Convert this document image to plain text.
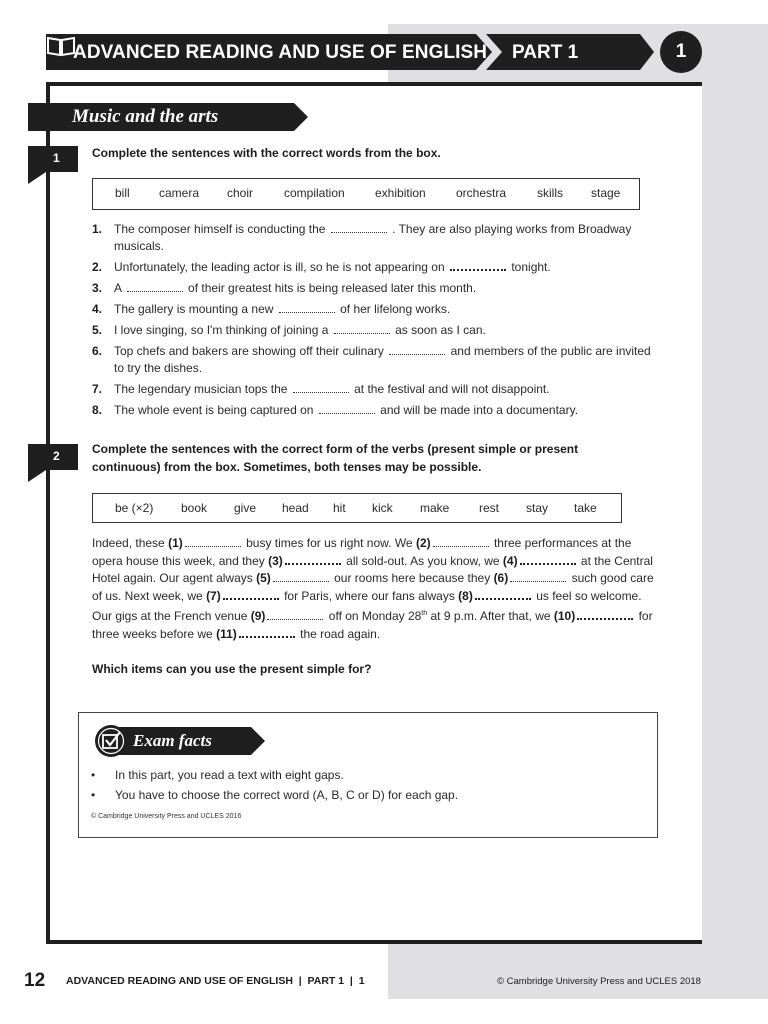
ADVANCED READING AND USE OF ENGLISH PART 1	1
Music and the arts
1	Complete the sentences with the correct words from the box.
bill camera choir	compilation	exhibition	orchestra	skills stage
1. The composer himself is conducting the	. They are also playing works from Broadway musicals.
2. Unfortunately, the leading actor is ill, so he is not appearing on	tonight.
3. A	of their greatest hits is being released later this month.
4. The gallery is mounting a new	of her lifelong works.
5. I love singing, so I'm thinking of joining a	as soon as I can.
6. Top chefs and bakers are showing off their culinary	and members of the public are invited to try the dishes.
7. The legendary musician tops the	at the festival and will not disappoint.
8. The whole event is being captured on	and will be made into a documentary.
2	Complete the sentences with the correct form of the verbs (present simple or present continuous) from the box. Sometimes, both tenses may be possible.
be (×2) book give head hit kick make rest stay take
Indeed, these (1)	busy times for us right now. We (2)	three performances at the opera house this week, and they (3)	all sold-out. As you know, we (4)	at the Central Hotel again. Our agent always (5)	our rooms here because they (6)	such good care of us. Next week, we (7)	for Paris, where our fans always (8)	us feel so welcome. Our gigs at the French venue (9)	off on Monday 28th at 9 p.m. After that, we (10)	for three weeks before we (11)	the road again.
Which items can you use the present simple for?
Exam facts
• In this part, you read a text with eight gaps.
• You have to choose the correct word (A, B, C or D) for each gap.
© Cambridge University Press and UCLES 2016
12 ADVANCED READING AND USE OF ENGLISH  |  PART 1  |  1	© Cambridge University Press and UCLES 2018
